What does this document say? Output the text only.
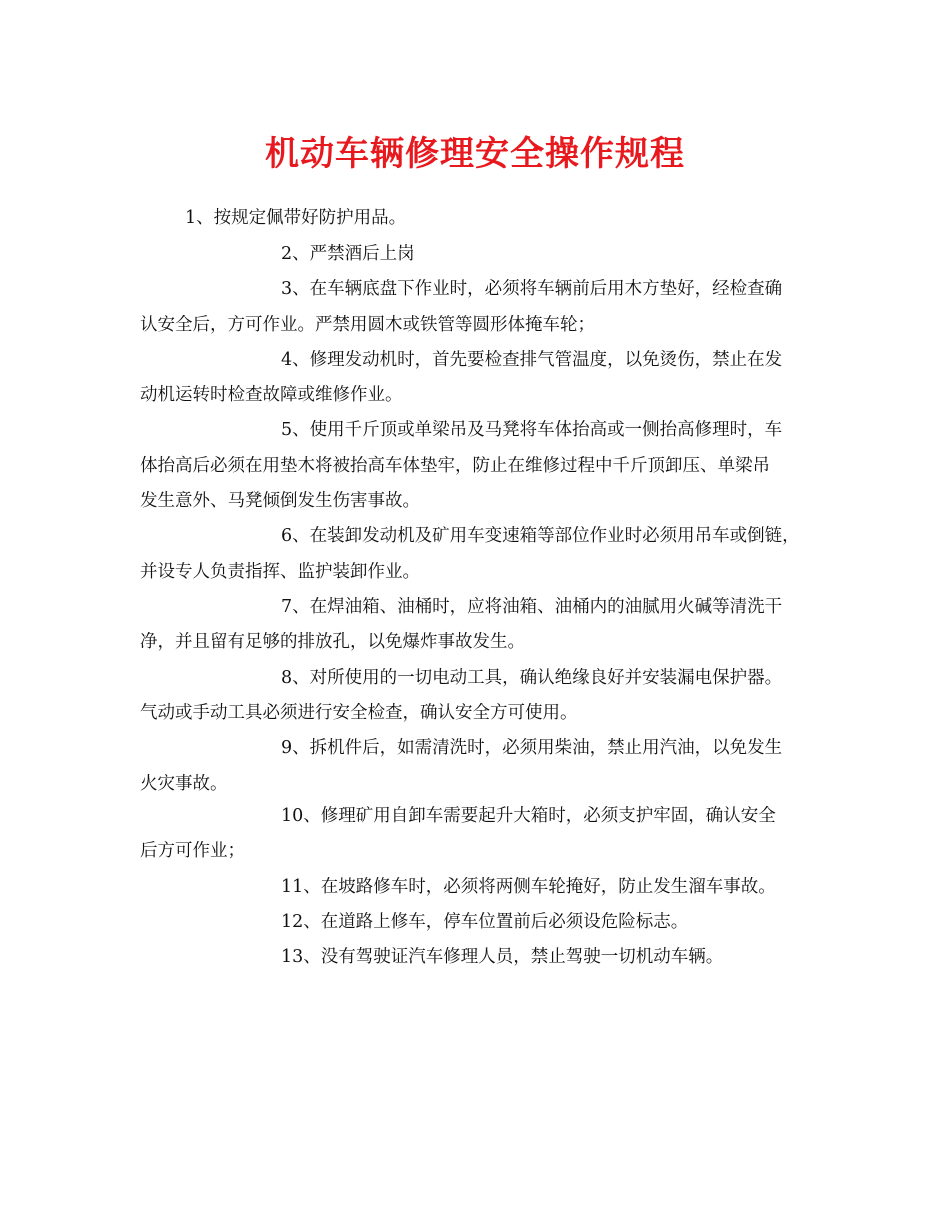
机动车辆修理安全操作规程
1、按规定佩带好防护用品。
2、严禁酒后上岗
3、在车辆底盘下作业时，必须将车辆前后用木方垫好，经检查确
认安全后，方可作业。严禁用圆木或铁管等圆形体掩车轮；
4、修理发动机时，首先要检查排气管温度，以免烫伤，禁止在发
动机运转时检查故障或维修作业。
5、使用千斤顶或单梁吊及马凳将车体抬高或一侧抬高修理时，车
体抬高后必须在用垫木将被抬高车体垫牢，防止在维修过程中千斤顶卸压、单梁吊
发生意外、马凳倾倒发生伤害事故。
6、在装卸发动机及矿用车变速箱等部位作业时必须用吊车或倒链，
并设专人负责指挥、监护装卸作业。
7、在焊油箱、油桶时，应将油箱、油桶内的油腻用火碱等清洗干
净，并且留有足够的排放孔，以免爆炸事故发生。
8、对所使用的一切电动工具，确认绝缘良好并安装漏电保护器。
气动或手动工具必须进行安全检查，确认安全方可使用。
9、拆机件后，如需清洗时，必须用柴油，禁止用汽油，以免发生
火灾事故。
10、修理矿用自卸车需要起升大箱时，必须支护牢固，确认安全
后方可作业；
11、在坡路修车时，必须将两侧车轮掩好，防止发生溜车事故。
12、在道路上修车，停车位置前后必须设危险标志。
13、没有驾驶证汽车修理人员，禁止驾驶一切机动车辆。
